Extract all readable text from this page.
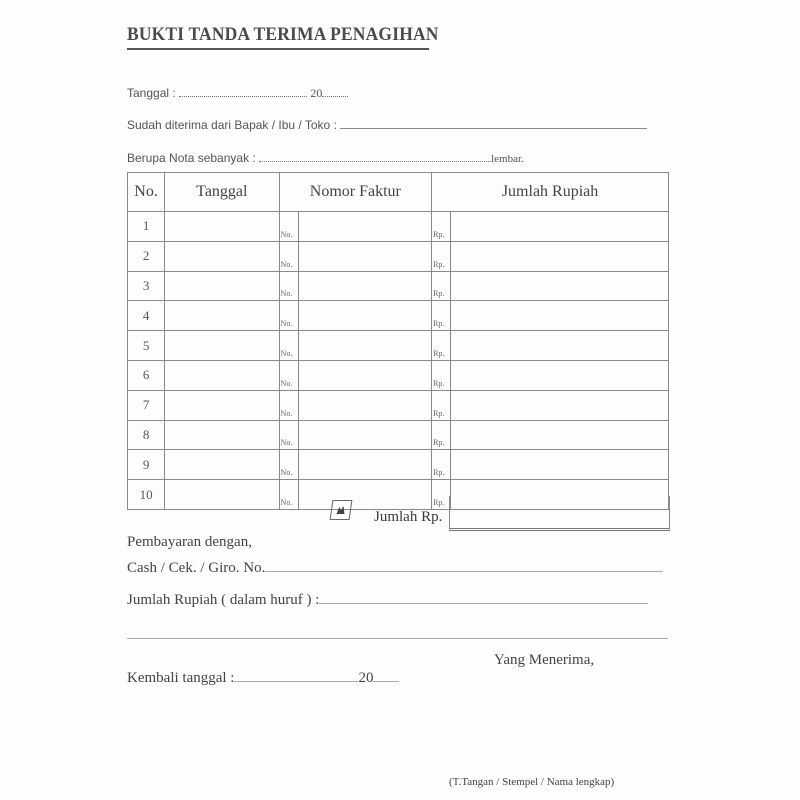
BUKTI TANDA TERIMA PENAGIHAN
Tanggal :	20
Sudah diterima dari Bapak / Ibu / Toko :
Berupa Nota sebanyak :	lembar.
No.	Tanggal	Nomor Faktur		Jumlah Rupiah	
1		No.		Rp.	
2		No.		Rp.	
3		No.		Rp.	
4		No.		Rp.	
5		No.		Rp.	
6		No.		Rp.	
7		No.		Rp.	
8		No.		Rp.	
9		No.		Rp.	
10		No.		Rp.	
Jumlah Rp.
Pembayaran dengan,
Cash / Cek. / Giro. No.
Jumlah Rupiah ( dalam huruf ) :
Yang Menerima,
Kembali tanggal :	20
(T.Tangan / Stempel / Nama lengkap)
